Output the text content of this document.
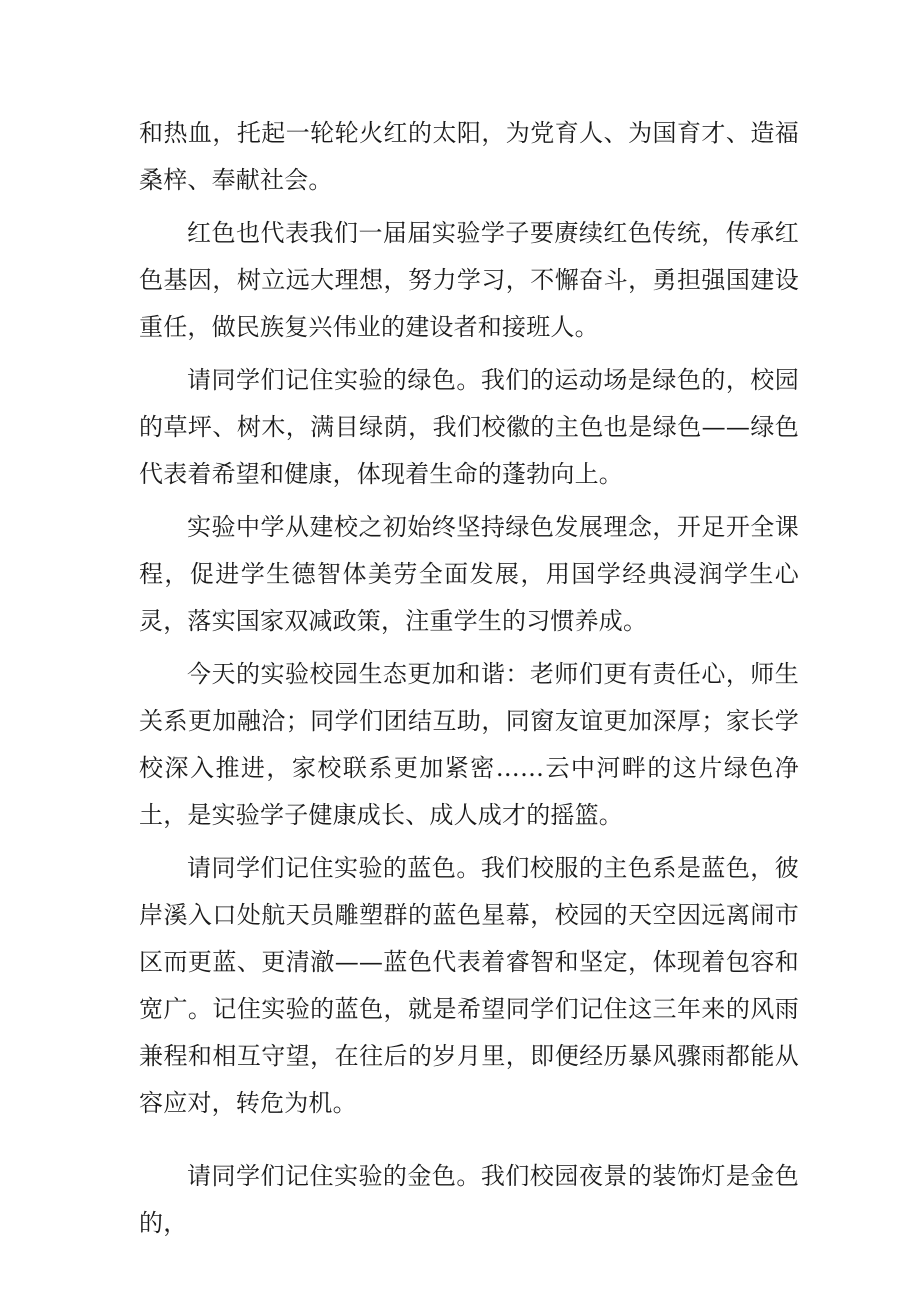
和热血，托起一轮轮火红的太阳，为党育人、为国育才、造福桑梓、奉献社会。

红色也代表我们一届届实验学子要赓续红色传统，传承红色基因，树立远大理想，努力学习，不懈奋斗，勇担强国建设重任，做民族复兴伟业的建设者和接班人。

请同学们记住实验的绿色。我们的运动场是绿色的，校园的草坪、树木，满目绿荫，我们校徽的主色也是绿色——绿色代表着希望和健康，体现着生命的蓬勃向上。

实验中学从建校之初始终坚持绿色发展理念，开足开全课程，促进学生德智体美劳全面发展，用国学经典浸润学生心灵，落实国家双减政策，注重学生的习惯养成。

今天的实验校园生态更加和谐：老师们更有责任心，师生关系更加融洽；同学们团结互助，同窗友谊更加深厚；家长学校深入推进，家校联系更加紧密……云中河畔的这片绿色净土，是实验学子健康成长、成人成才的摇篮。

请同学们记住实验的蓝色。我们校服的主色系是蓝色，彼岸溪入口处航天员雕塑群的蓝色星幕，校园的天空因远离闹市区而更蓝、更清澈——蓝色代表着睿智和坚定，体现着包容和宽广。记住实验的蓝色，就是希望同学们记住这三年来的风雨兼程和相互守望，在往后的岁月里，即便经历暴风骤雨都能从容应对，转危为机。

请同学们记住实验的金色。我们校园夜景的装饰灯是金色的，
